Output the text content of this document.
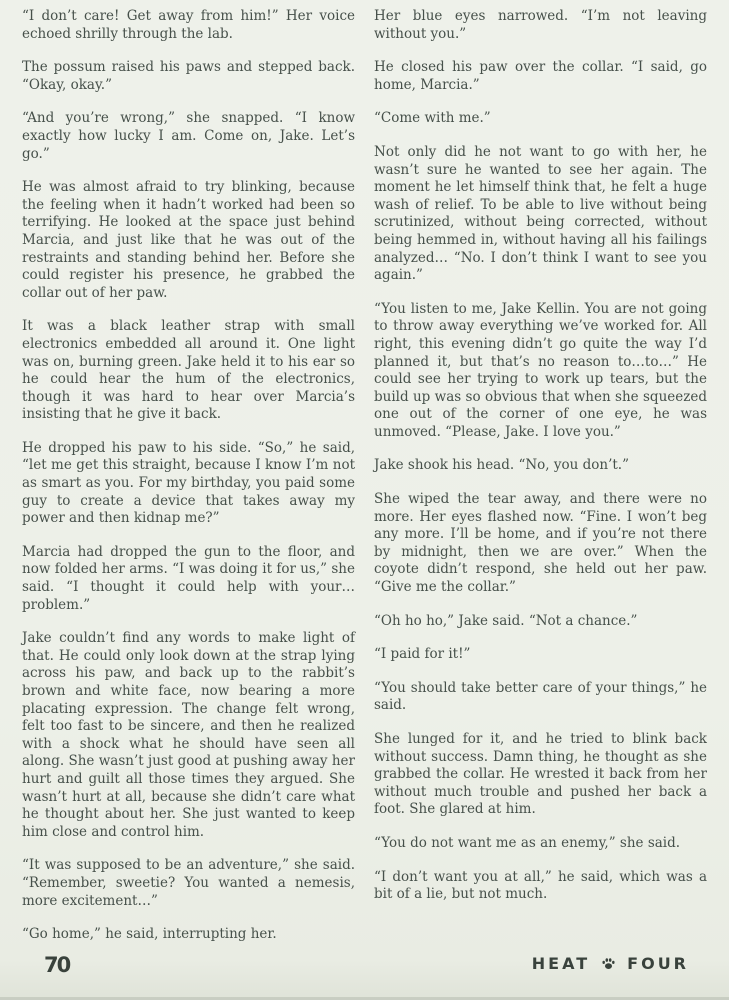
“I don’t care! Get away from him!” Her voice echoed shrilly through the lab.

The possum raised his paws and stepped back. “Okay, okay.”

“And you’re wrong,” she snapped. “I know exactly how lucky I am. Come on, Jake. Let’s go.”

He was almost afraid to try blinking, because the feeling when it hadn’t worked had been so terrifying. He looked at the space just behind Marcia, and just like that he was out of the restraints and standing behind her. Before she could register his presence, he grabbed the collar out of her paw.

It was a black leather strap with small electronics embedded all around it. One light was on, burning green. Jake held it to his ear so he could hear the hum of the electronics, though it was hard to hear over Marcia’s insisting that he give it back.

He dropped his paw to his side. “So,” he said, “let me get this straight, because I know I’m not as smart as you. For my birthday, you paid some guy to create a device that takes away my power and then kidnap me?”

Marcia had dropped the gun to the floor, and now folded her arms. “I was doing it for us,” she said. “I thought it could help with your… problem.”

Jake couldn’t find any words to make light of that. He could only look down at the strap lying across his paw, and back up to the rabbit’s brown and white face, now bearing a more placating expression. The change felt wrong, felt too fast to be sincere, and then he realized with a shock what he should have seen all along. She wasn’t just good at pushing away her hurt and guilt all those times they argued. She wasn’t hurt at all, because she didn’t care what he thought about her. She just wanted to keep him close and control him.

“It was supposed to be an adventure,” she said. “Remember, sweetie? You wanted a nemesis, more excitement…”

“Go home,” he said, interrupting her.

Her blue eyes narrowed. “I’m not leaving without you.”

He closed his paw over the collar. “I said, go home, Marcia.”

“Come with me.”

Not only did he not want to go with her, he wasn’t sure he wanted to see her again. The moment he let himself think that, he felt a huge wash of relief. To be able to live without being scrutinized, without being corrected, without being hemmed in, without having all his failings analyzed… “No. I don’t think I want to see you again.”

“You listen to me, Jake Kellin. You are not going to throw away everything we’ve worked for. All right, this evening didn’t go quite the way I’d planned it, but that’s no reason to…to…” He could see her trying to work up tears, but the build up was so obvious that when she squeezed one out of the corner of one eye, he was unmoved. “Please, Jake. I love you.”

Jake shook his head. “No, you don’t.”

She wiped the tear away, and there were no more. Her eyes flashed now. “Fine. I won’t beg any more. I’ll be home, and if you’re not there by midnight, then we are over.” When the coyote didn’t respond, she held out her paw. “Give me the collar.”

“Oh ho ho,” Jake said. “Not a chance.”

“I paid for it!”

“You should take better care of your things,” he said.

She lunged for it, and he tried to blink back without success. Damn thing, he thought as she grabbed the collar. He wrested it back from her without much trouble and pushed her back a foot. She glared at him.

“You do not want me as an enemy,” she said.

“I don’t want you at all,” he said, which was a bit of a lie, but not much.

70	HEAT FOUR
